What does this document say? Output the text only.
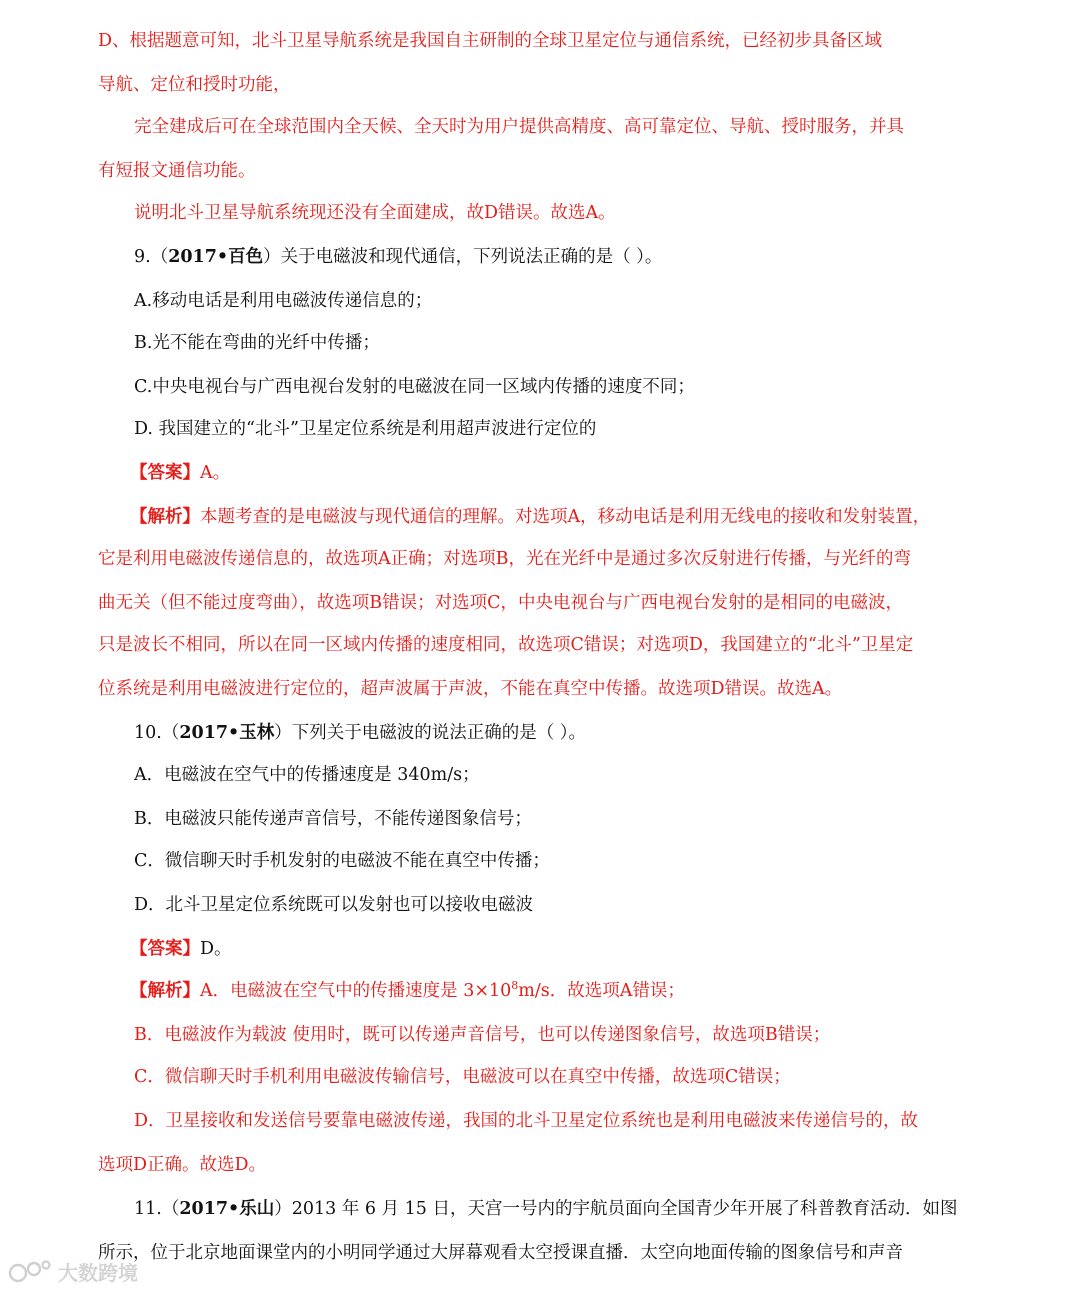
D、根据题意可知，北斗卫星导航系统是我国自主研制的全球卫星定位与通信系统，已经初步具备区域
导航、定位和授时功能，
完全建成后可在全球范围内全天候、全天时为用户提供高精度、高可靠定位、导航、授时服务，并具
有短报文通信功能。
说明北斗卫星导航系统现还没有全面建成，故D错误。故选A。
9.（2017•百色）关于电磁波和现代通信，下列说法正确的是（ ）。
A.移动电话是利用电磁波传递信息的；
B.光不能在弯曲的光纤中传播；
C.中央电视台与广西电视台发射的电磁波在同一区域内传播的速度不同；
D. 我国建立的“北斗”卫星定位系统是利用超声波进行定位的
【答案】A。
【解析】本题考查的是电磁波与现代通信的理解。对选项A，移动电话是利用无线电的接收和发射装置，
它是利用电磁波传递信息的，故选项A正确；对选项B，光在光纤中是通过多次反射进行传播，与光纤的弯
曲无关（但不能过度弯曲），故选项B错误；对选项C，中央电视台与广西电视台发射的是相同的电磁波，
只是波长不相同，所以在同一区域内传播的速度相同，故选项C错误；对选项D，我国建立的“北斗”卫星定
位系统是利用电磁波进行定位的，超声波属于声波，不能在真空中传播。故选项D错误。故选A。
10.（2017•玉林）下列关于电磁波的说法正确的是（ ）。
A．电磁波在空气中的传播速度是 340m/s；
B．电磁波只能传递声音信号，不能传递图象信号；
C．微信聊天时手机发射的电磁波不能在真空中传播；
D．北斗卫星定位系统既可以发射也可以接收电磁波
【答案】D。
【解析】A．电磁波在空气中的传播速度是 $3\times 10^8m/s$．故选项A错误；
B．电磁波作为载波 使用时，既可以传递声音信号，也可以传递图象信号，故选项B错误；
C．微信聊天时手机利用电磁波传输信号，电磁波可以在真空中传播，故选项C错误；
D．卫星接收和发送信号要靠电磁波传递，我国的北斗卫星定位系统也是利用电磁波来传递信号的，故
选项D正确。故选D。
11.（2017•乐山）2013 年 6 月 15 日，天宫一号内的宇航员面向全国青少年开展了科普教育活动．如图
所示，位于北京地面课堂内的小明同学通过大屏幕观看太空授课直播．太空向地面传输的图象信号和声音
大数跨境
